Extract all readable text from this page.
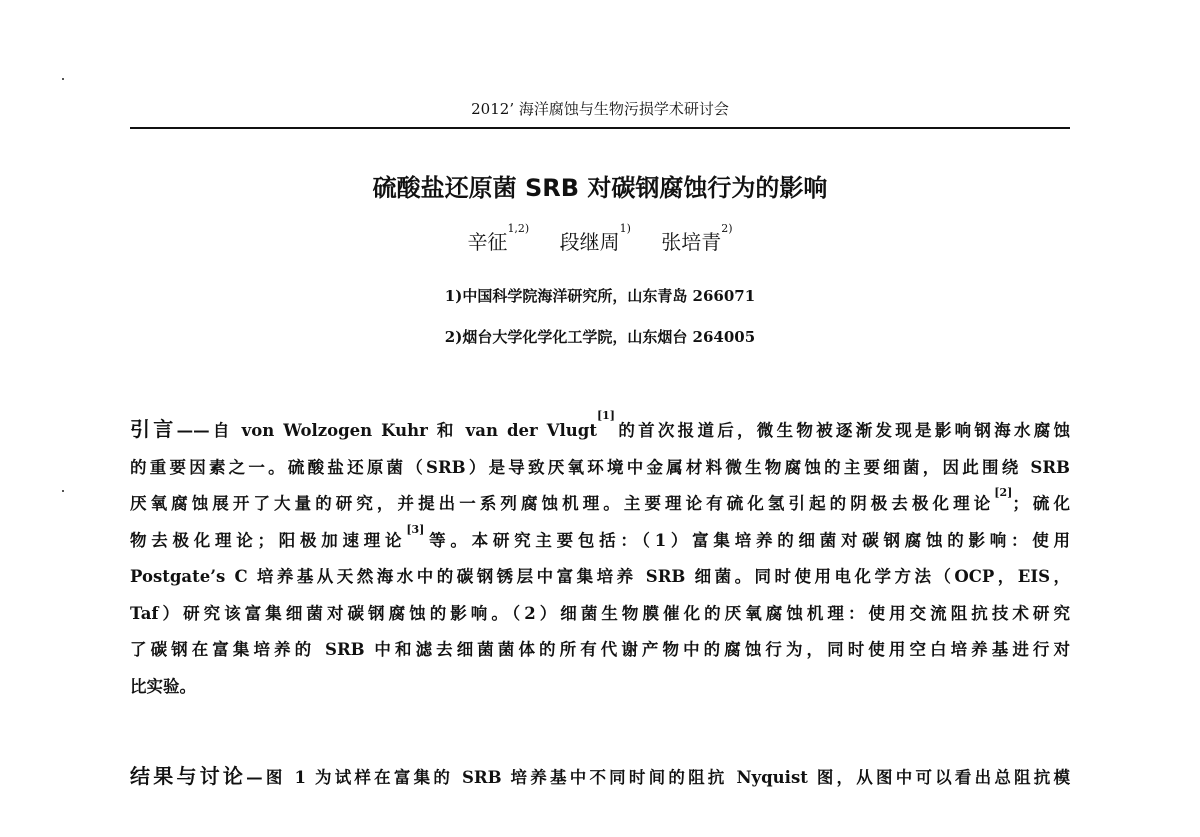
2012’ 海洋腐蚀与生物污损学术研讨会
硫酸盐还原菌 SRB 对碳钢腐蚀行为的影响
辛征$^{1,2)}$ 段继周$^{1)}$ 张培青$^{2)}$
1)中国科学院海洋研究所，山东青岛 266071
2)烟台大学化学化工学院，山东烟台 264005
引言——自 von Wolzogen Kuhr 和 van der Vlugt[1]的首次报道后，微生物被逐渐发现是影响钢海水腐蚀
的重要因素之一。硫酸盐还原菌（SRB）是导致厌氧环境中金属材料微生物腐蚀的主要细菌，因此围绕 SRB
厌氧腐蚀展开了大量的研究，并提出一系列腐蚀机理。主要理论有硫化氢引起的阴极去极化理论[2]；硫化
物去极化理论；阳极加速理论[3]等。本研究主要包括：（1）富集培养的细菌对碳钢腐蚀的影响：使用
Postgate’s C 培养基从天然海水中的碳钢锈层中富集培养 SRB 细菌。同时使用电化学方法（OCP，EIS，
Taf）研究该富集细菌对碳钢腐蚀的影响。（2）细菌生物膜催化的厌氧腐蚀机理：使用交流阻抗技术研究
了碳钢在富集培养的 SRB 中和滤去细菌菌体的所有代谢产物中的腐蚀行为，同时使用空白培养基进行对
比实验。
结果与讨论—图 1 为试样在富集的 SRB 培养基中不同时间的阻抗 Nyquist 图，从图中可以看出总阻抗模
